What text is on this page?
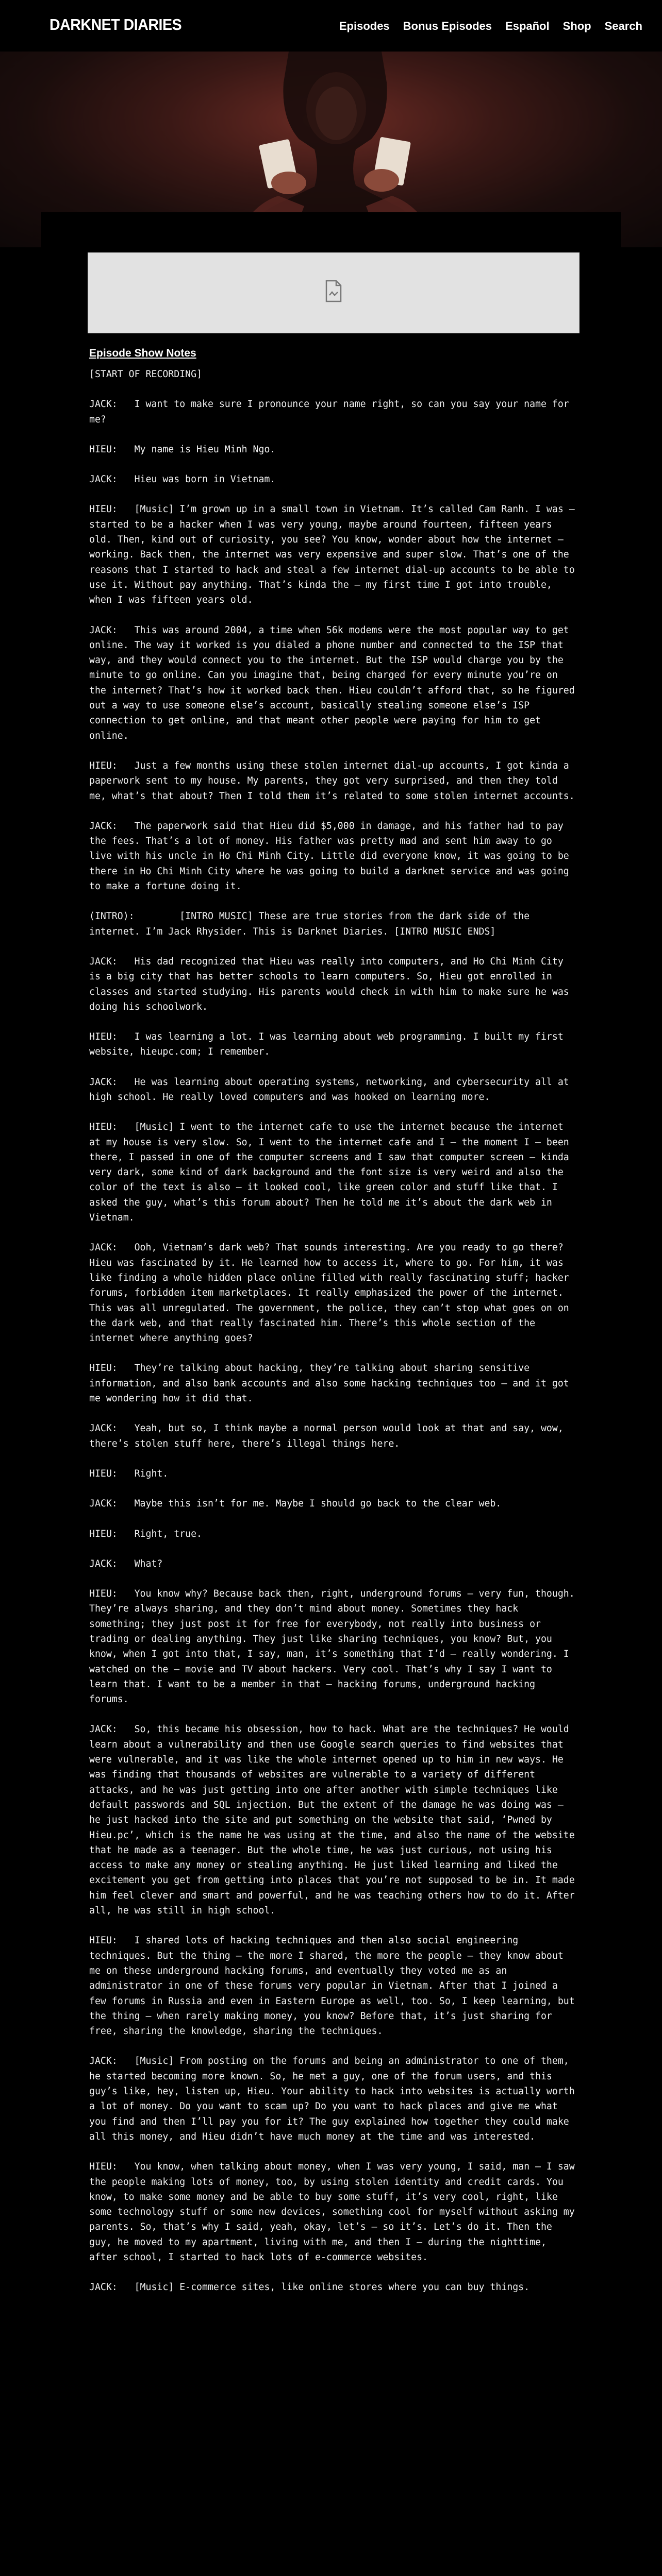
DARKNET DIARIES	Episodes Bonus Episodes Español Shop Search
Episode Show Notes

[START OF RECORDING]

JACK:   I want to make sure I pronounce your name right, so can you say your name for me?

HIEU:   My name is Hieu Minh Ngo.

JACK:   Hieu was born in Vietnam.

HIEU:   [Music] I’m grown up in a small town in Vietnam. It’s called Cam Ranh. I was — started to be a hacker when I was very young, maybe around fourteen, fifteen years old. Then, kind out of curiosity, you see? You know, wonder about how the internet — working. Back then, the internet was very expensive and super slow. That’s one of the reasons that I started to hack and steal a few internet dial-up accounts to be able to use it. Without pay anything. That’s kinda the — my first time I got into trouble, when I was fifteen years old.

JACK:   This was around 2004, a time when 56k modems were the most popular way to get online. The way it worked is you dialed a phone number and connected to the ISP that way, and they would connect you to the internet. But the ISP would charge you by the minute to go online. Can you imagine that, being charged for every minute you’re on the internet? That’s how it worked back then. Hieu couldn’t afford that, so he figured out a way to use someone else’s account, basically stealing someone else’s ISP connection to get online, and that meant other people were paying for him to get online.

HIEU:   Just a few months using these stolen internet dial-up accounts, I got kinda a paperwork sent to my house. My parents, they got very surprised, and then they told me, what’s that about? Then I told them it’s related to some stolen internet accounts.

JACK:   The paperwork said that Hieu did $5,000 in damage, and his father had to pay the fees. That’s a lot of money. His father was pretty mad and sent him away to go live with his uncle in Ho Chi Minh City. Little did everyone know, it was going to be there in Ho Chi Minh City where he was going to build a darknet service and was going to make a fortune doing it.

(INTRO):        [INTRO MUSIC] These are true stories from the dark side of the internet. I’m Jack Rhysider. This is Darknet Diaries. [INTRO MUSIC ENDS]

JACK:   His dad recognized that Hieu was really into computers, and Ho Chi Minh City is a big city that has better schools to learn computers. So, Hieu got enrolled in classes and started studying. His parents would check in with him to make sure he was doing his schoolwork.

HIEU:   I was learning a lot. I was learning about web programming. I built my first website, hieupc.com; I remember.

JACK:   He was learning about operating systems, networking, and cybersecurity all at high school. He really loved computers and was hooked on learning more.

HIEU:   [Music] I went to the internet cafe to use the internet because the internet at my house is very slow. So, I went to the internet cafe and I — the moment I — been there, I passed in one of the computer screens and I saw that computer screen — kinda very dark, some kind of dark background and the font size is very weird and also the color of the text is also — it looked cool, like green color and stuff like that. I asked the guy, what’s this forum about? Then he told me it’s about the dark web in Vietnam.

JACK:   Ooh, Vietnam’s dark web? That sounds interesting. Are you ready to go there? Hieu was fascinated by it. He learned how to access it, where to go. For him, it was like finding a whole hidden place online filled with really fascinating stuff; hacker forums, forbidden item marketplaces. It really emphasized the power of the internet. This was all unregulated. The government, the police, they can’t stop what goes on on the dark web, and that really fascinated him. There’s this whole section of the internet where anything goes?

HIEU:   They’re talking about hacking, they’re talking about sharing sensitive information, and also bank accounts and also some hacking techniques too — and it got me wondering how it did that.

JACK:   Yeah, but so, I think maybe a normal person would look at that and say, wow, there’s stolen stuff here, there’s illegal things here.

HIEU:   Right.

JACK:   Maybe this isn’t for me. Maybe I should go back to the clear web.

HIEU:   Right, true.

JACK:   What?

HIEU:   You know why? Because back then, right, underground forums — very fun, though. They’re always sharing, and they don’t mind about money. Sometimes they hack something; they just post it for free for everybody, not really into business or trading or dealing anything. They just like sharing techniques, you know? But, you know, when I got into that, I say, man, it’s something that I’d — really wondering. I watched on the — movie and TV about hackers. Very cool. That’s why I say I want to learn that. I want to be a member in that — hacking forums, underground hacking forums.

JACK:   So, this became his obsession, how to hack. What are the techniques? He would learn about a vulnerability and then use Google search queries to find websites that were vulnerable, and it was like the whole internet opened up to him in new ways. He was finding that thousands of websites are vulnerable to a variety of different attacks, and he was just getting into one after another with simple techniques like default passwords and SQL injection. But the extent of the damage he was doing was — he just hacked into the site and put something on the website that said, ‘Pwned by Hieu.pc’, which is the name he was using at the time, and also the name of the website that he made as a teenager. But the whole time, he was just curious, not using his access to make any money or stealing anything. He just liked learning and liked the excitement you get from getting into places that you’re not supposed to be in. It made him feel clever and smart and powerful, and he was teaching others how to do it. After all, he was still in high school.

HIEU:   I shared lots of hacking techniques and then also social engineering techniques. But the thing — the more I shared, the more the people — they know about me on these underground hacking forums, and eventually they voted me as an administrator in one of these forums very popular in Vietnam. After that I joined a few forums in Russia and even in Eastern Europe as well, too. So, I keep learning, but the thing — when rarely making money, you know? Before that, it’s just sharing for free, sharing the knowledge, sharing the techniques.

JACK:   [Music] From posting on the forums and being an administrator to one of them, he started becoming more known. So, he met a guy, one of the forum users, and this guy’s like, hey, listen up, Hieu. Your ability to hack into websites is actually worth a lot of money. Do you want to scam up? Do you want to hack places and give me what you find and then I’ll pay you for it? The guy explained how together they could make all this money, and Hieu didn’t have much money at the time and was interested.

HIEU:   You know, when talking about money, when I was very young, I said, man — I saw the people making lots of money, too, by using stolen identity and credit cards. You know, to make some money and be able to buy some stuff, it’s very cool, right, like some technology stuff or some new devices, something cool for myself without asking my parents. So, that’s why I said, yeah, okay, let’s — so it’s. Let’s do it. Then the guy, he moved to my apartment, living with me, and then I — during the nighttime, after school, I started to hack lots of e-commerce websites.

JACK:   [Music] E-commerce sites, like online stores where you can buy things.
